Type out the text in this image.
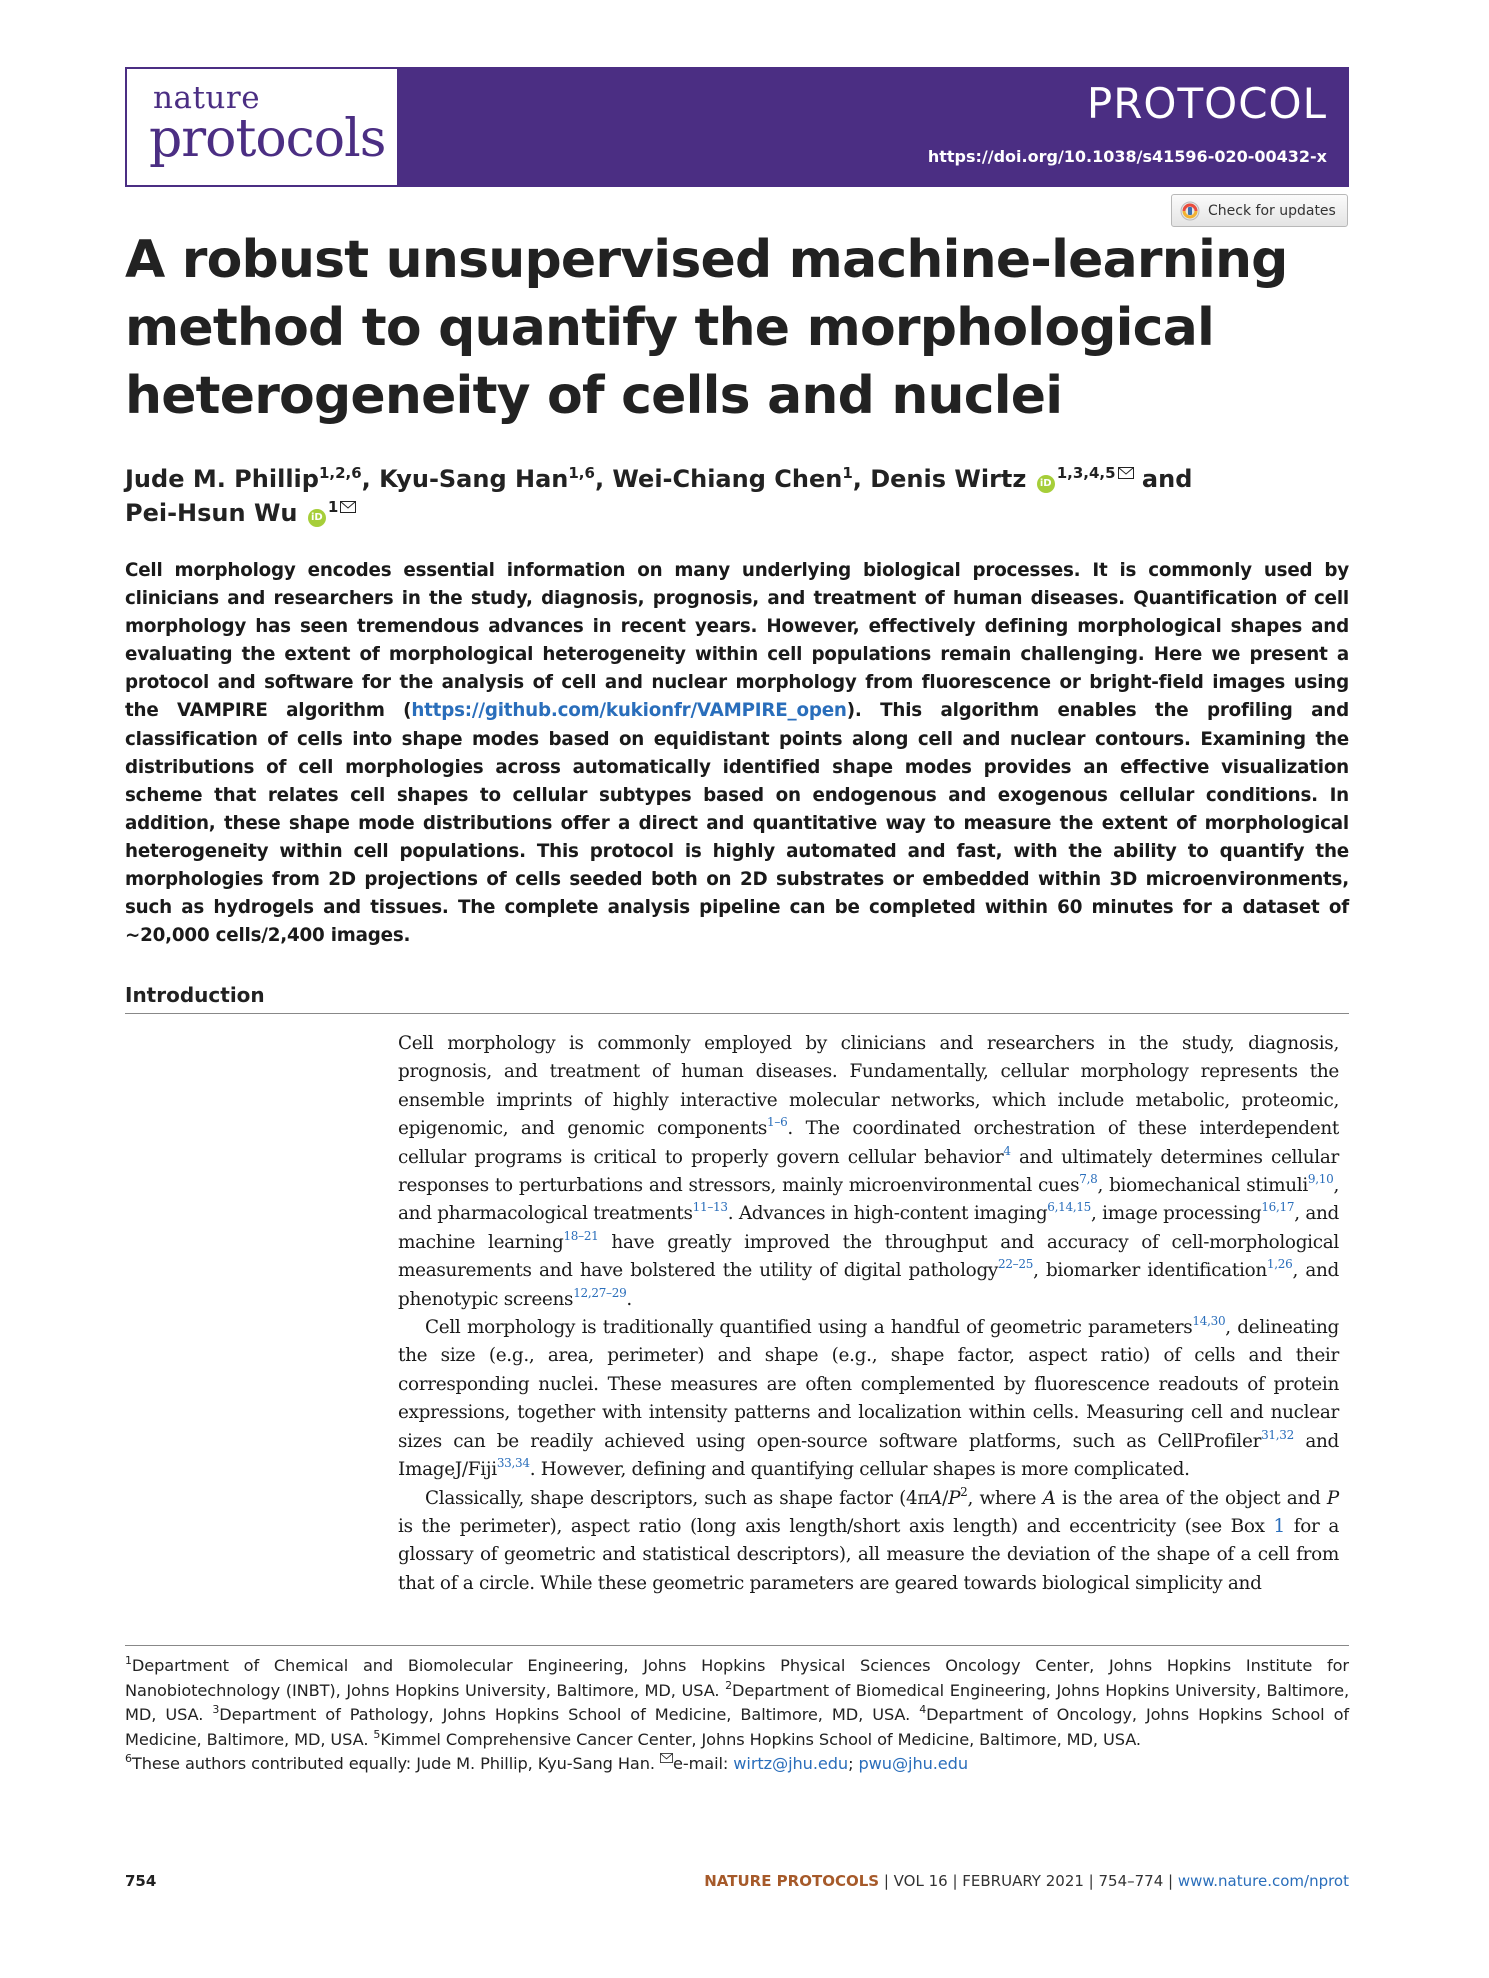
nature
protocols
PROTOCOL
https://doi.org/10.1038/s41596-020-00432-x
Check for updates
A robust unsupervised machine-learning method to quantify the morphological heterogeneity of cells and nuclei

Jude M. Phillip$^{1,2,6}$, Kyu-Sang Han$^{1,6}$, Wei-Chiang Chen$^1$, Denis Wirtz iD$^{1,3,4,5}$ and
Pei-Hsun Wu $iD^1$

Cell morphology encodes essential information on many underlying biological processes. It is commonly used by clinicians and researchers in the study, diagnosis, prognosis, and treatment of human diseases. Quantification of cell morphology has seen tremendous advances in recent years. However, effectively defining morphological shapes and evaluating the extent of morphological heterogeneity within cell populations remain challenging. Here we present a protocol and software for the analysis of cell and nuclear morphology from fluorescence or bright-field images using the VAMPIRE algorithm (https://github.com/kukionfr/VAMPIRE_open). This algorithm enables the profiling and classification of cells into shape modes based on equidistant points along cell and nuclear contours. Examining the distributions of cell morphologies across automatically identified shape modes provides an effective visualization scheme that relates cell shapes to cellular subtypes based on endogenous and exogenous cellular conditions. In addition, these shape mode distributions offer a direct and quantitative way to measure the extent of morphological heterogeneity within cell populations. This protocol is highly automated and fast, with the ability to quantify the morphologies from 2D projections of cells seeded both on 2D substrates or embedded within 3D microenvironments, such as hydrogels and tissues. The complete analysis pipeline can be completed within 60 minutes for a dataset of ~20,000 cells/2,400 images.

Introduction

Cell morphology is commonly employed by clinicians and researchers in the study, diagnosis, prognosis, and treatment of human diseases. Fundamentally, cellular morphology represents the ensemble imprints of highly interactive molecular networks, which include metabolic, proteomic, epigenomic, and genomic components$^{1-6}$. The coordinated orchestration of these interdependent cellular programs is critical to properly govern cellular behavior$^4$ and ultimately determines cellular responses to perturbations and stressors, mainly microenvironmental cues$^{7,8}$, biomechanical stimuli$^{9,10}$, and pharmacological treatments$^{11-13}$. Advances in high-content imaging$^{6,14,15}$, image processing$^{16,17}$, and machine learning$^{18-21}$ have greatly improved the throughput and accuracy of cell-morphological measurements and have bolstered the utility of digital pathology$^{22-25}$, biomarker identification$^{1,26}$, and phenotypic screens$^{12,27-29}$.

Cell morphology is traditionally quantified using a handful of geometric parameters$^{14,30}$, delineating the size (e.g., area, perimeter) and shape (e.g., shape factor, aspect ratio) of cells and their corresponding nuclei. These measures are often complemented by fluorescence readouts of protein expressions, together with intensity patterns and localization within cells. Measuring cell and nuclear sizes can be readily achieved using open-source software platforms, such as CellProfiler$^{31,32}$ and ImageJ/Fiji$^{33,34}$. However, defining and quantifying cellular shapes is more complicated.

Classically, shape descriptors, such as shape factor ($4\pi A/P^2$, where A is the area of the object and P is the perimeter), aspect ratio (long axis length/short axis length) and eccentricity (see Box 1 for a glossary of geometric and statistical descriptors), all measure the deviation of the shape of a cell from that of a circle. While these geometric parameters are geared towards biological simplicity and

$^1$Department of Chemical and Biomolecular Engineering, Johns Hopkins Physical Sciences Oncology Center, Johns Hopkins Institute for Nanobiotechnology (INBT), Johns Hopkins University, Baltimore, MD, USA. $^2$Department of Biomedical Engineering, Johns Hopkins University, Baltimore, MD, USA. $^3$Department of Pathology, Johns Hopkins School of Medicine, Baltimore, MD, USA. $^4$Department of Oncology, Johns Hopkins School of Medicine, Baltimore, MD, USA. $^5$Kimmel Comprehensive Cancer Center, Johns Hopkins School of Medicine, Baltimore, MD, USA.
$^6$These authors contributed equally: Jude M. Phillip, Kyu-Sang Han. e-mail: wirtz@jhu.edu; pwu@jhu.edu

754	NATURE PROTOCOLS | VOL 16 | FEBRUARY 2021 | 754–774 | www.nature.com/nprot
